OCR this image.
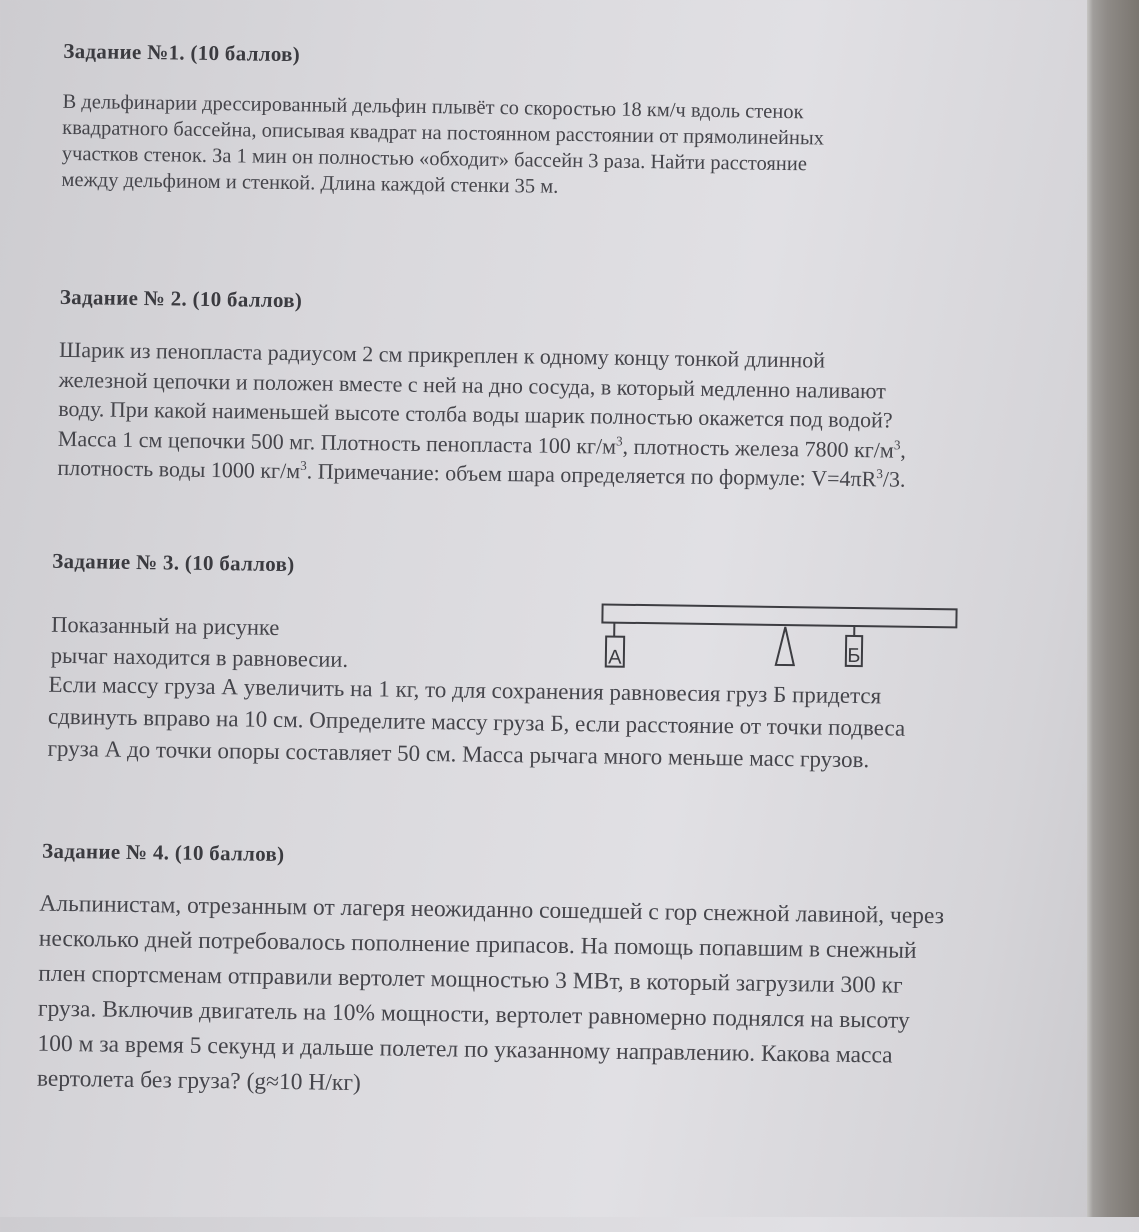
Задание №1. (10 баллов)
В дельфинарии дрессированный дельфин плывёт со скоростью 18 км/ч вдоль стенок
квадратного бассейна, описывая квадрат на постоянном расстоянии от прямолинейных
участков стенок. За 1 мин он полностью «обходит» бассейн 3 раза. Найти расстояние
между дельфином и стенкой. Длина каждой стенки 35 м.
Задание № 2. (10 баллов)
Шарик из пенопласта радиусом 2 см прикреплен к одному концу тонкой длинной
железной цепочки и положен вместе с ней на дно сосуда, в который медленно наливают
воду. При какой наименьшей высоте столба воды шарик полностью окажется под водой?
Масса 1 см цепочки 500 мг. Плотность пенопласта 100 $кг/м^3$, плотность железа 7800 $кг/м^3$,
плотность воды 1000 $кг/м^3$. Примечание: объем шара определяется по формуле: $V=4\pi R^3/3$.
Задание № 3. (10 баллов)
Показанный на рисунке
рычаг находится в равновесии.
Если массу груза А увеличить на 1 кг, то для сохранения равновесия груз Б придется
сдвинуть вправо на 10 см. Определите массу груза Б, если расстояние от точки подвеса
груза А до точки опоры составляет 50 см. Масса рычага много меньше масс грузов.
А	Б
Задание № 4. (10 баллов)
Альпинистам, отрезанным от лагеря неожиданно сошедшей с гор снежной лавиной, через
несколько дней потребовалось пополнение припасов. На помощь попавшим в снежный
плен спортсменам отправили вертолет мощностью 3 МВт, в который загрузили 300 кг
груза. Включив двигатель на 10% мощности, вертолет равномерно поднялся на высоту
100 м за время 5 секунд и дальше полетел по указанному направлению. Какова масса
вертолета без груза? (g≈10 Н/кг)
